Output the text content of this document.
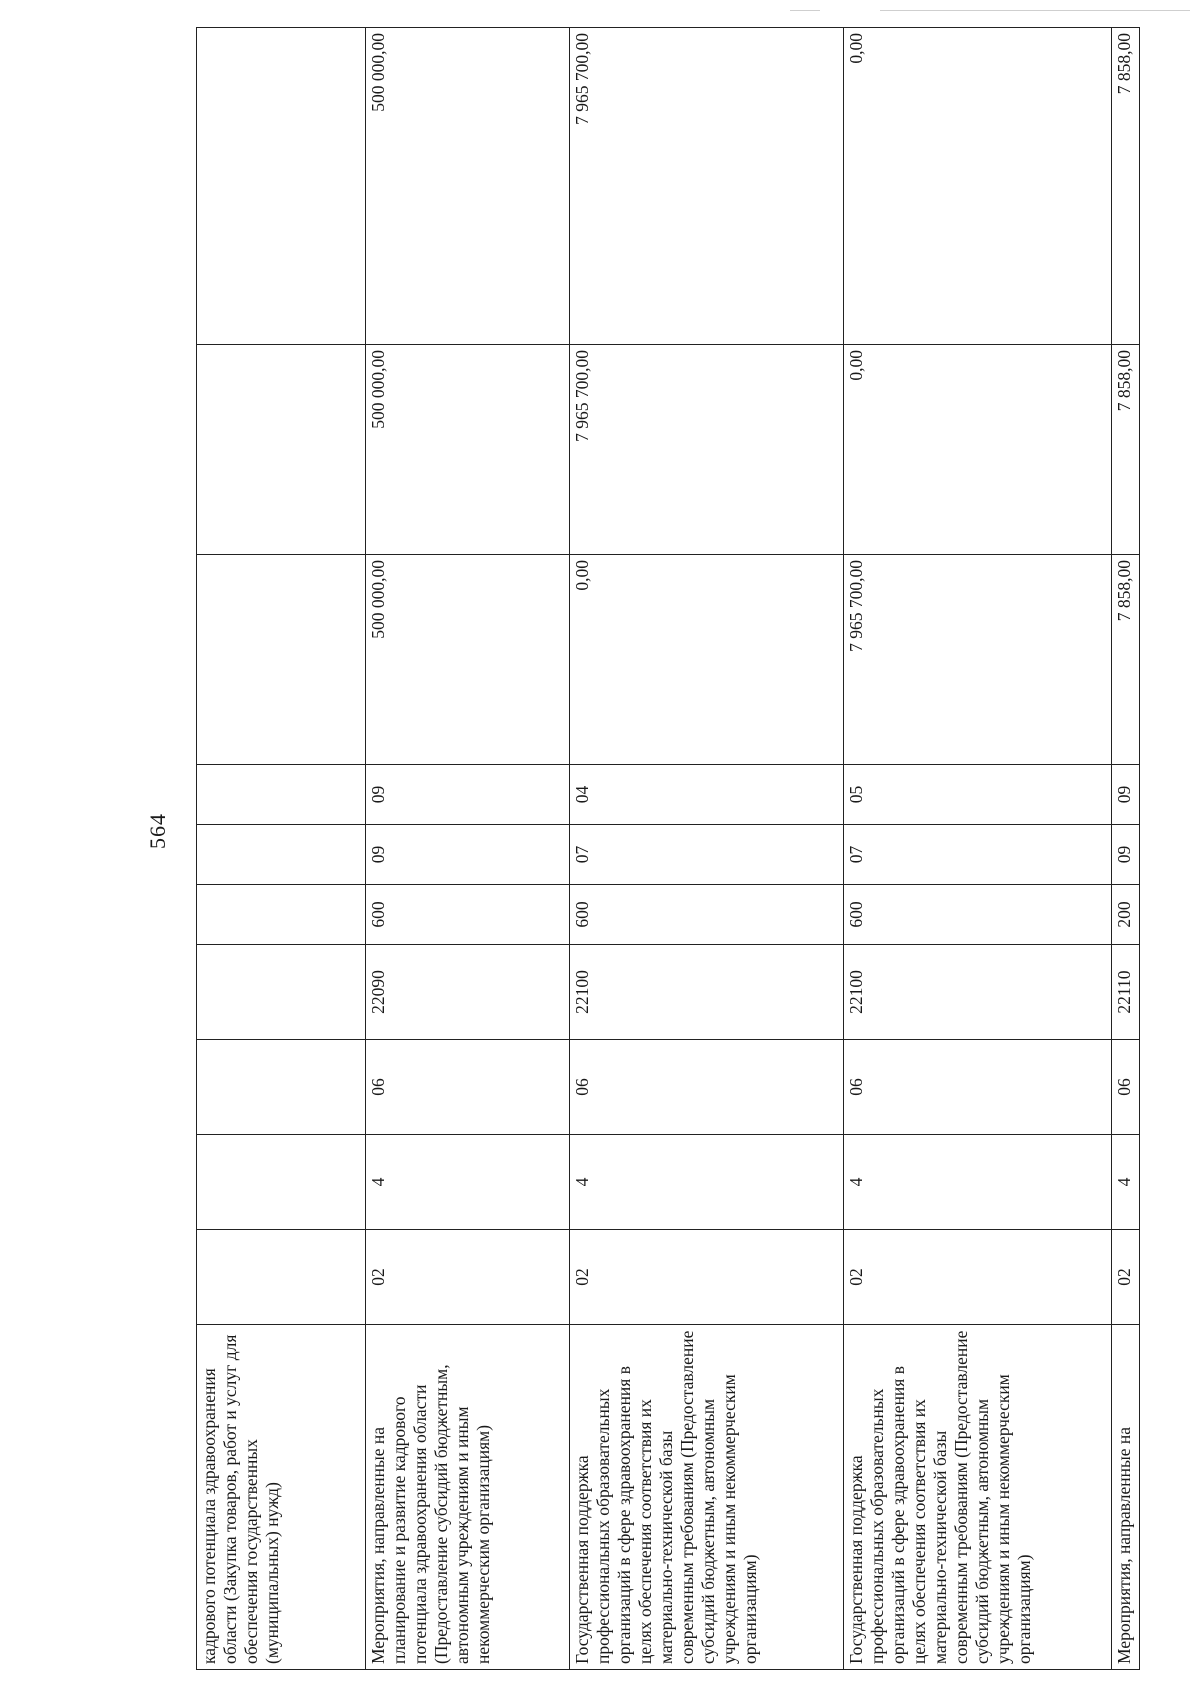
564
кадрового потенциала здравоохранения области (Закупка товаров, работ и услуг для обеспечения государственных (муниципальных) нужд)										
Мероприятия, направленные на планирование и развитие кадрового потенциала здравоохранения области (Предоставление субсидий бюджетным, автономным учреждениям и иным некоммерческим организациям)	02	4	06	22090	600	09	09	500 000,00	500 000,00	500 000,00
Государственная поддержка профессиональных образовательных организаций в сфере здравоохранения в целях обеспечения соответствия их материально-технической базы современным требованиям (Предоставление субсидий бюджетным, автономным учреждениям и иным некоммерческим организациям)	02	4	06	22100	600	07	04	0,00	7 965 700,00	7 965 700,00
Государственная поддержка профессиональных образовательных организаций в сфере здравоохранения в целях обеспечения соответствия их материально-технической базы современным требованиям (Предоставление субсидий бюджетным, автономным учреждениям и иным некоммерческим организациям)	02	4	06	22100	600	07	05	7 965 700,00	0,00	0,00
Мероприятия, направленные на	02	4	06	22110	200	09	09	7 858,00	7 858,00	7 858,00
